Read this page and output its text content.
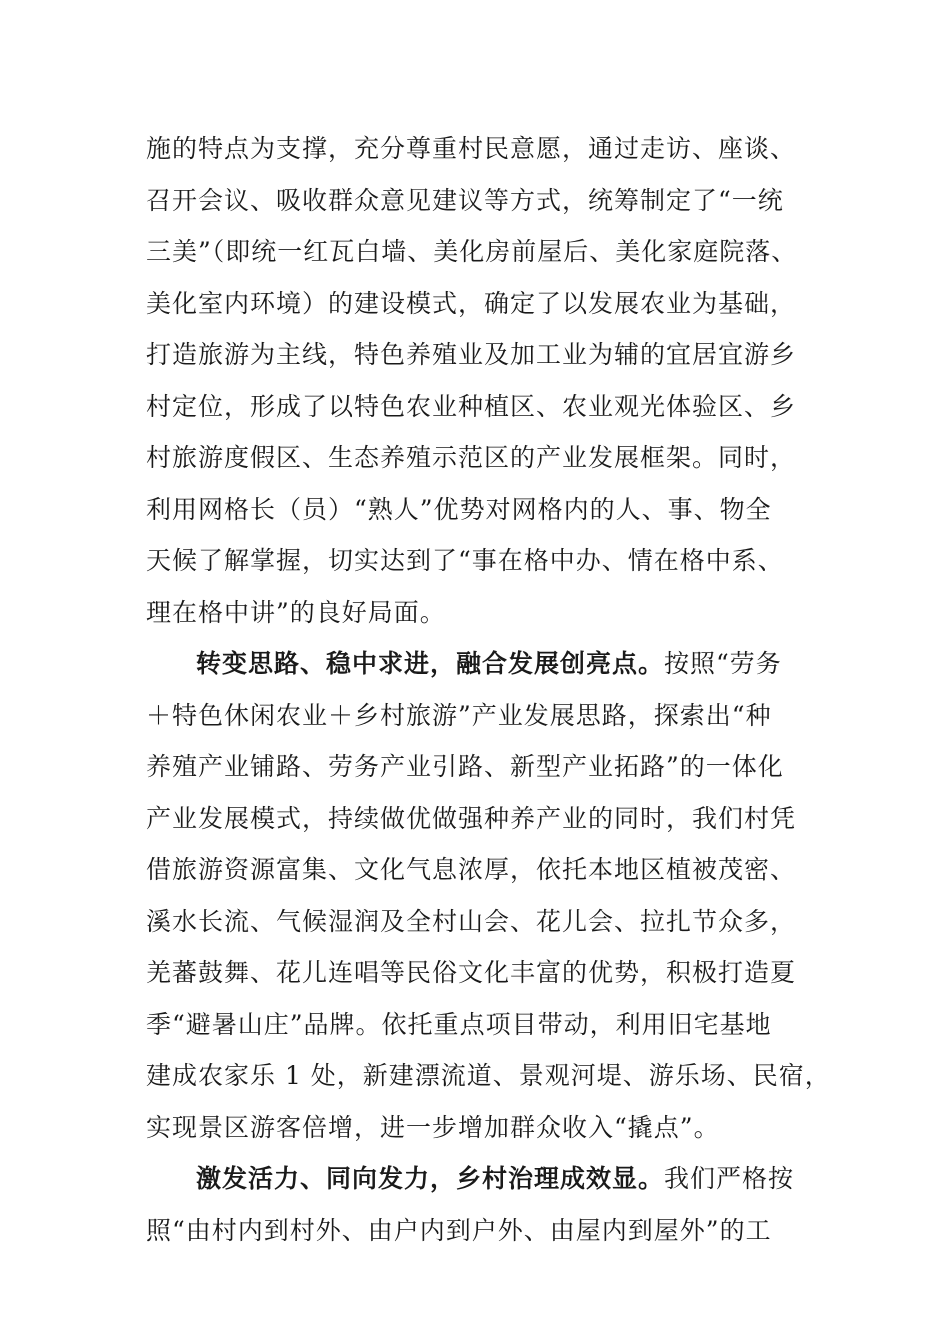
施的特点为支撑，充分尊重村民意愿，通过走访、座谈、
召开会议、吸收群众意见建议等方式，统筹制定了“一统
三美”（即统一红瓦白墙、美化房前屋后、美化家庭院落、
美化室内环境）的建设模式，确定了以发展农业为基础，
打造旅游为主线，特色养殖业及加工业为辅的宜居宜游乡
村定位，形成了以特色农业种植区、农业观光体验区、乡
村旅游度假区、生态养殖示范区的产业发展框架。同时，
利用网格长（员）“熟人”优势对网格内的人、事、物全
天候了解掌握，切实达到了“事在格中办、情在格中系、
理在格中讲”的良好局面。
转变思路、稳中求进，融合发展创亮点。按照“劳务
＋特色休闲农业＋乡村旅游”产业发展思路，探索出“种
养殖产业铺路、劳务产业引路、新型产业拓路”的一体化
产业发展模式，持续做优做强种养产业的同时，我们村凭
借旅游资源富集、文化气息浓厚，依托本地区植被茂密、
溪水长流、气候湿润及全村山会、花儿会、拉扎节众多，
羌蕃鼓舞、花儿连唱等民俗文化丰富的优势，积极打造夏
季“避暑山庄”品牌。依托重点项目带动，利用旧宅基地
建成农家乐 1 处，新建漂流道、景观河堤、游乐场、民宿，
实现景区游客倍增，进一步增加群众收入“撬点”。
激发活力、同向发力，乡村治理成效显。我们严格按
照“由村内到村外、由户内到户外、由屋内到屋外”的工
